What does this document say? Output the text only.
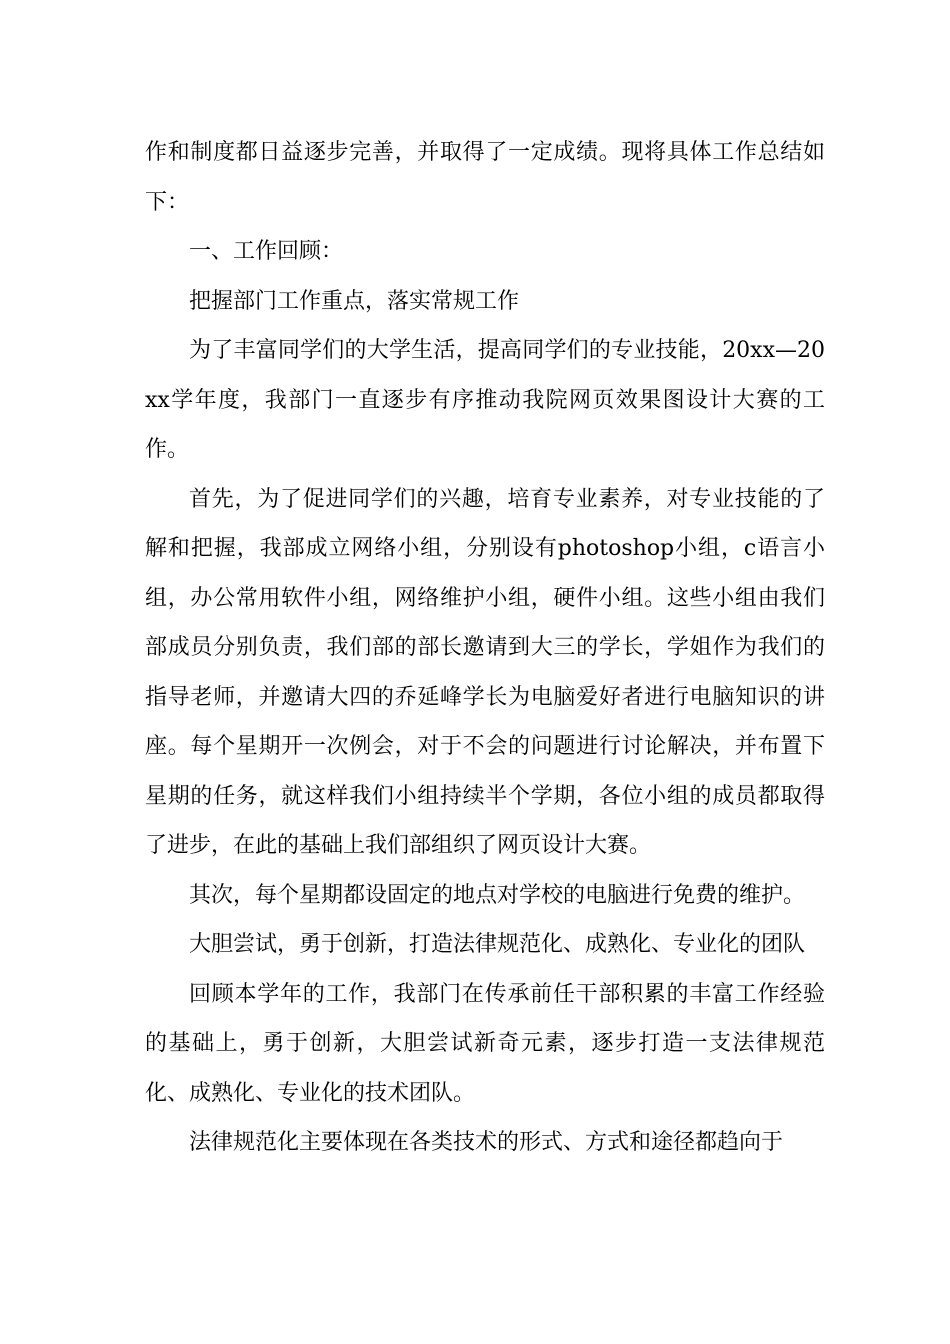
作和制度都日益逐步完善，并取得了一定成绩。现将具体工作总结如下：

一、工作回顾：

把握部门工作重点，落实常规工作

为了丰富同学们的大学生活，提高同学们的专业技能，20xx—20xx学年度，我部门一直逐步有序推动我院网页效果图设计大赛的工作。

首先，为了促进同学们的兴趣，培育专业素养，对专业技能的了解和把握，我部成立网络小组，分别设有photoshop小组，c语言小组，办公常用软件小组，网络维护小组，硬件小组。这些小组由我们部成员分别负责，我们部的部长邀请到大三的学长，学姐作为我们的指导老师，并邀请大四的乔延峰学长为电脑爱好者进行电脑知识的讲座。每个星期开一次例会，对于不会的问题进行讨论解决，并布置下星期的任务，就这样我们小组持续半个学期，各位小组的成员都取得了进步，在此的基础上我们部组织了网页设计大赛。

其次，每个星期都设固定的地点对学校的电脑进行免费的维护。

大胆尝试，勇于创新，打造法律规范化、成熟化、专业化的团队

回顾本学年的工作，我部门在传承前任干部积累的丰富工作经验的基础上，勇于创新，大胆尝试新奇元素，逐步打造一支法律规范化、成熟化、专业化的技术团队。

法律规范化主要体现在各类技术的形式、方式和途径都趋向于
